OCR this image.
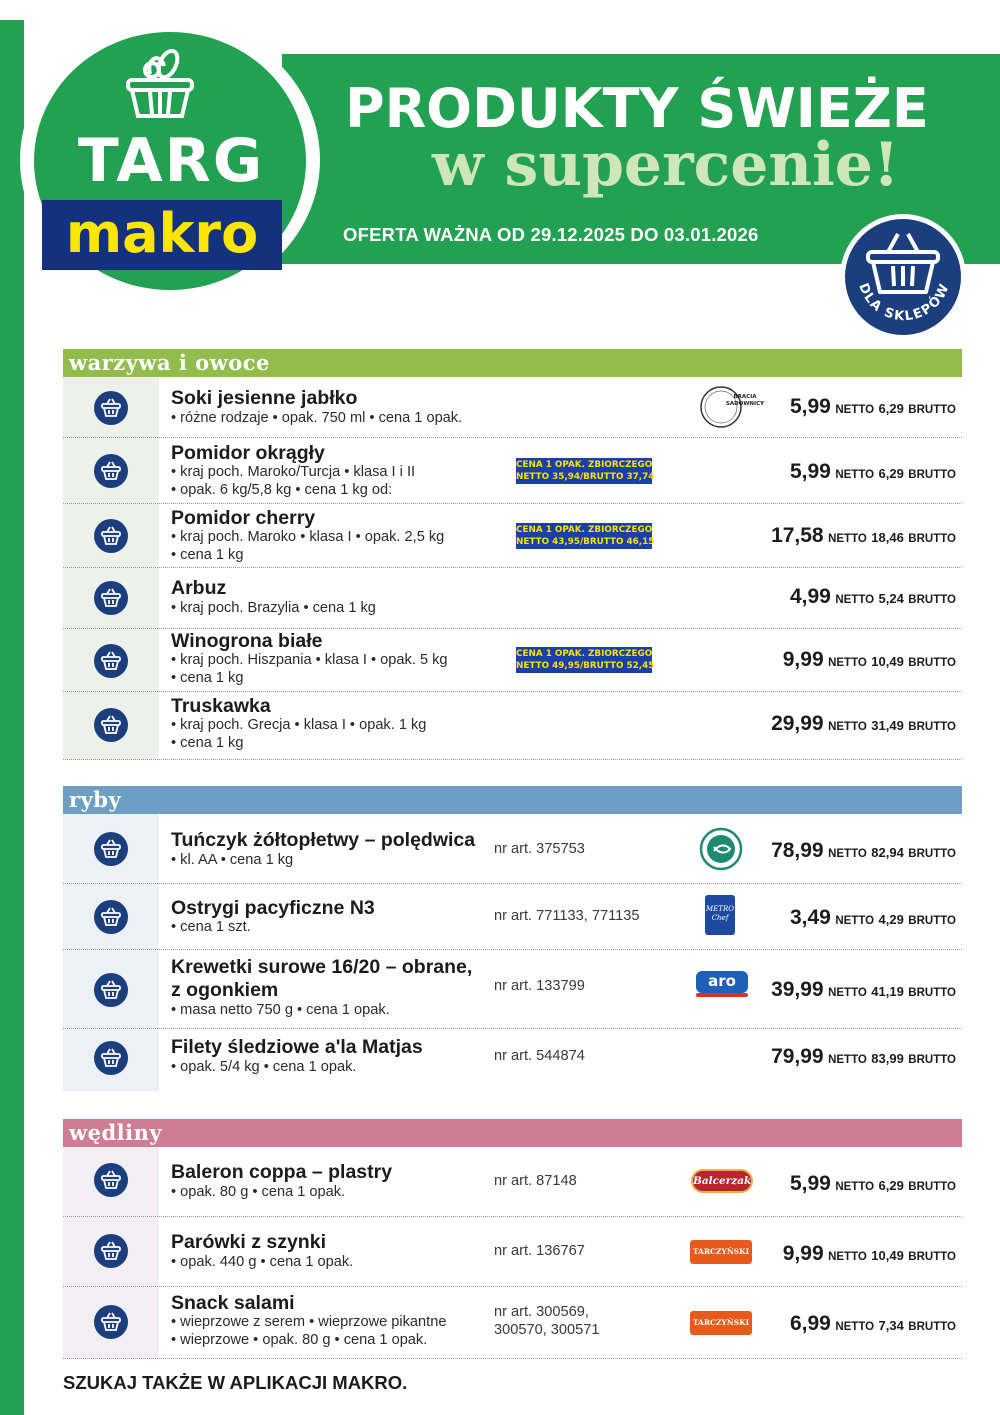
PRODUKTY ŚWIEŻE
w supercenie!
OFERTA WAŻNA OD 29.12.2025 DO 03.01.2026
TARG
makro
DLA SKLEPÓW
warzywa i owoce
Soki jesienne jabłko
• różne rodzaje • opak. 750 ml • cena 1 opak.
BRACIA SADOWNICY 5,99 NETTO 6,29 BRUTTO
Pomidor okrągły
• kraj poch. Maroko/Turcja • klasa I i II
• opak. 6 kg/5,8 kg • cena 1 kg od:
CENA 1 OPAK. ZBIORCZEGO
NETTO 35,94/BRUTTO 37,74	5,99 NETTO 6,29 BRUTTO
Pomidor cherry
• kraj poch. Maroko • klasa I • opak. 2,5 kg
• cena 1 kg
CENA 1 OPAK. ZBIORCZEGO
NETTO 43,95/BRUTTO 46,15	17,58 NETTO 18,46 BRUTTO
Arbuz
• kraj poch. Brazylia • cena 1 kg	4,99 NETTO 5,24 BRUTTO
Winogrona białe
• kraj poch. Hiszpania • klasa I • opak. 5 kg
• cena 1 kg
CENA 1 OPAK. ZBIORCZEGO
NETTO 49,95/BRUTTO 52,45	9,99 NETTO 10,49 BRUTTO
Truskawka
• kraj poch. Grecja • klasa I • opak. 1 kg
• cena 1 kg
29,99 NETTO 31,49 BRUTTO
ryby
Tuńczyk żółtopłetwy – polędwica
• kl. AA • cena 1 kg
nr art. 375753	78,99 NETTO 82,94 BRUTTO
Ostrygi pacyficzne N3
• cena 1 szt.
nr art. 771133, 771135	METRO Chef	3,49 NETTO 4,29 BRUTTO
Krewetki surowe 16/20 – obrane,
z ogonkiem
• masa netto 750 g • cena 1 opak.
nr art. 133799	aro	39,99 NETTO 41,19 BRUTTO
Filety śledziowe a'la Matjas
• opak. 5/4 kg • cena 1 opak.
nr art. 544874	79,99 NETTO 83,99 BRUTTO
wędliny
Baleron coppa – plastry
• opak. 80 g • cena 1 opak.
nr art. 87148	Balcerzak 5,99 NETTO 6,29 BRUTTO
Parówki z szynki
• opak. 440 g • cena 1 opak.
nr art. 136767	TARCZYŃSKI 9,99 NETTO 10,49 BRUTTO
Snack salami
• wieprzowe z serem • wieprzowe pikantne
• wieprzowe • opak. 80 g • cena 1 opak.
nr art. 300569,
300570, 300571	TARCZYŃSKI 6,99 NETTO 7,34 BRUTTO
SZUKAJ TAKŻE W APLIKACJI MAKRO.
